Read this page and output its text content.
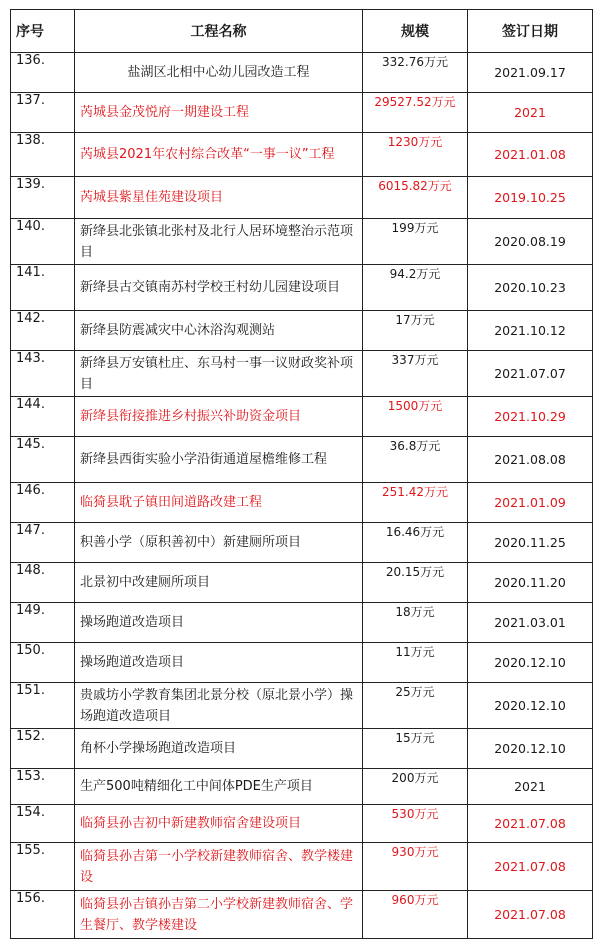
序号	工程名称	规模	签订日期
136.	盐湖区北相中心幼儿园改造工程	332.76万元	2021.09.17
137.	芮城县金茂悦府一期建设工程	29527.52万元	2021
138.	芮城县2021年农村综合改革“一事一议”工程	1230万元	2021.01.08
139.	芮城县紫星佳苑建设项目	6015.82万元	2019.10.25
140.	新绛县北张镇北张村及北行人居环境整治示范项目	199万元	2020.08.19
141.	新绛县古交镇南苏村学校王村幼儿园建设项目	94.2万元	2020.10.23
142.	新绛县防震减灾中心沐浴沟观测站	17万元	2021.10.12
143.	新绛县万安镇杜庄、东马村一事一议财政奖补项目	337万元	2021.07.07
144.	新绛县衔接推进乡村振兴补助资金项目	1500万元	2021.10.29
145.	新绛县西街实验小学沿街通道屋檐维修工程	36.8万元	2021.08.08
146.	临猗县耽子镇田间道路改建工程	251.42万元	2021.01.09
147.	积善小学（原积善初中）新建厕所项目	16.46万元	2020.11.25
148.	北景初中改建厕所项目	20.15万元	2020.11.20
149.	操场跑道改造项目	18万元	2021.03.01
150.	操场跑道改造项目	11万元	2020.12.10
151.	贵戚坊小学教育集团北景分校（原北景小学）操场跑道改造项目	25万元	2020.12.10
152.	角杯小学操场跑道改造项目	15万元	2020.12.10
153.	生产500吨精细化工中间体PDE生产项目	200万元	2021
154.	临猗县孙吉初中新建教师宿舍建设项目	530万元	2021.07.08
155.	临猗县孙吉第一小学校新建教师宿舍、教学楼建设	930万元	2021.07.08
156.	临猗县孙吉镇孙吉第二小学校新建教师宿舍、学生餐厅、教学楼建设	960万元	2021.07.08
